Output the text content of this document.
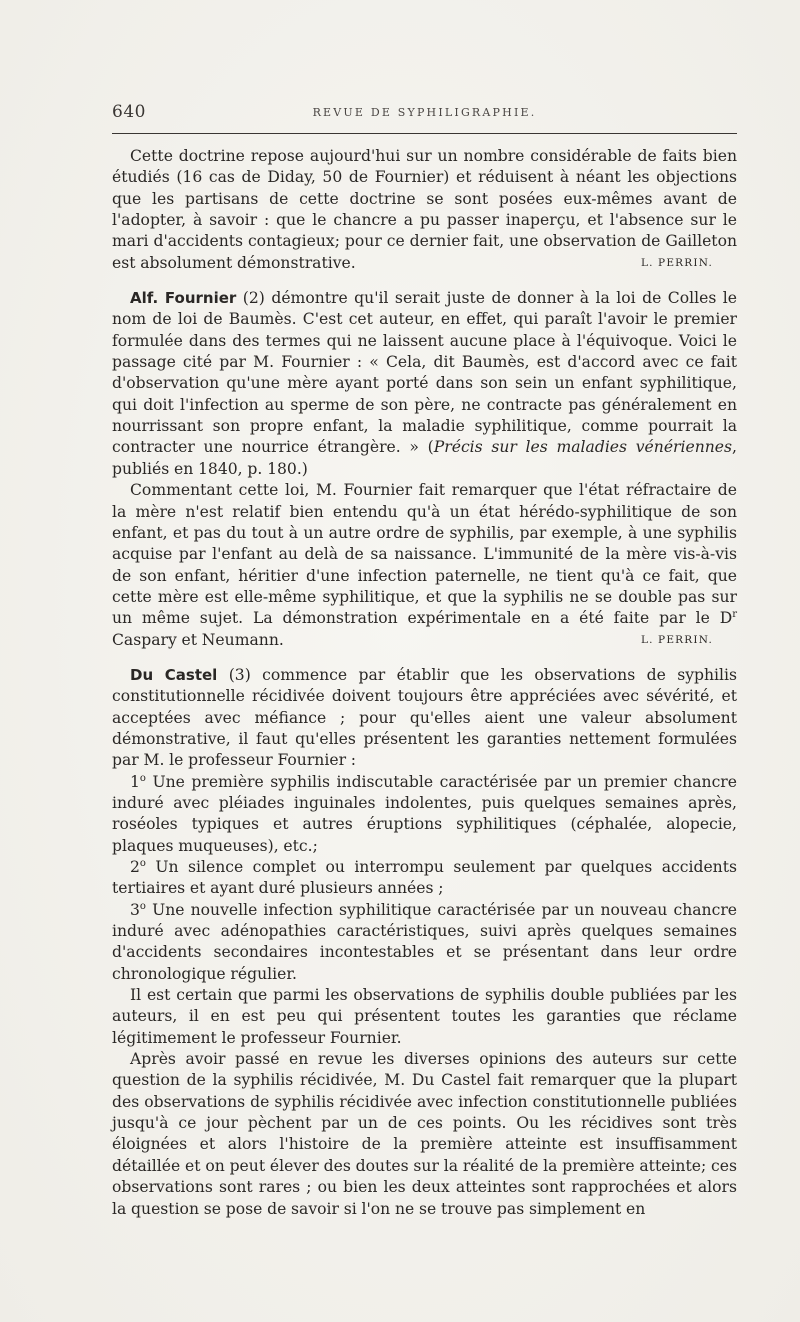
640	REVUE DE SYPHILIGRAPHIE.

Cette doctrine repose aujourd'hui sur un nombre considérable de faits bien étudiés (16 cas de Diday, 50 de Fournier) et réduisent à néant les objections que les partisans de cette doctrine se sont posées eux-mêmes avant de l'adopter, à savoir : que le chancre a pu passer inaperçu, et l'absence sur le mari d'accidents contagieux; pour ce dernier fait, une observation de Gailleton est absolument démonstrative.	L. PERRIN.

Alf. Fournier (2) démontre qu'il serait juste de donner à la loi de Colles le nom de loi de Baumès. C'est cet auteur, en effet, qui paraît l'avoir le premier formulée dans des termes qui ne laissent aucune place à l'équivoque. Voici le passage cité par M. Fournier : « Cela, dit Baumès, est d'accord avec ce fait d'observation qu'une mère ayant porté dans son sein un enfant syphilitique, qui doit l'infection au sperme de son père, ne contracte pas généralement en nourrissant son propre enfant, la maladie syphilitique, comme pourrait la contracter une nourrice étrangère. » (Précis sur les maladies vénériennes, publiés en 1840, p. 180.)

Commentant cette loi, M. Fournier fait remarquer que l'état réfractaire de la mère n'est relatif bien entendu qu'à un état hérédo-syphilitique de son enfant, et pas du tout à un autre ordre de syphilis, par exemple, à une syphilis acquise par l'enfant au delà de sa naissance. L'immunité de la mère vis-à-vis de son enfant, héritier d'une infection paternelle, ne tient qu'à ce fait, que cette mère est elle-même syphilitique, et que la syphilis ne se double pas sur un même sujet. La démonstration expérimentale en a été faite par le $D^r$ Caspary et Neumann.	L. PERRIN.

Du Castel (3) commence par établir que les observations de syphilis constitutionnelle récidivée doivent toujours être appréciées avec sévérité, et acceptées avec méfiance ; pour qu'elles aient une valeur absolument démonstrative, il faut qu'elles présentent les garanties nettement formulées par M. le professeur Fournier :

1$^o$ Une première syphilis indiscutable caractérisée par un premier chancre induré avec pléiades inguinales indolentes, puis quelques semaines après, roséoles typiques et autres éruptions syphilitiques (céphalée, alopecie, plaques muqueuses), etc.;

2$^o$ Un silence complet ou interrompu seulement par quelques accidents tertiaires et ayant duré plusieurs années ;

3$^o$ Une nouvelle infection syphilitique caractérisée par un nouveau chancre induré avec adénopathies caractéristiques, suivi après quelques semaines d'accidents secondaires incontestables et se présentant dans leur ordre chronologique régulier.

Il est certain que parmi les observations de syphilis double publiées par les auteurs, il en est peu qui présentent toutes les garanties que réclame légitimement le professeur Fournier.

Après avoir passé en revue les diverses opinions des auteurs sur cette question de la syphilis récidivée, M. Du Castel fait remarquer que la plupart des observations de syphilis récidivée avec infection constitutionnelle publiées jusqu'à ce jour pèchent par un de ces points. Ou les récidives sont très éloignées et alors l'histoire de la première atteinte est insuffisamment détaillée et on peut élever des doutes sur la réalité de la première atteinte; ces observations sont rares ; ou bien les deux atteintes sont rapprochées et alors la question se pose de savoir si l'on ne se trouve pas simplement en
